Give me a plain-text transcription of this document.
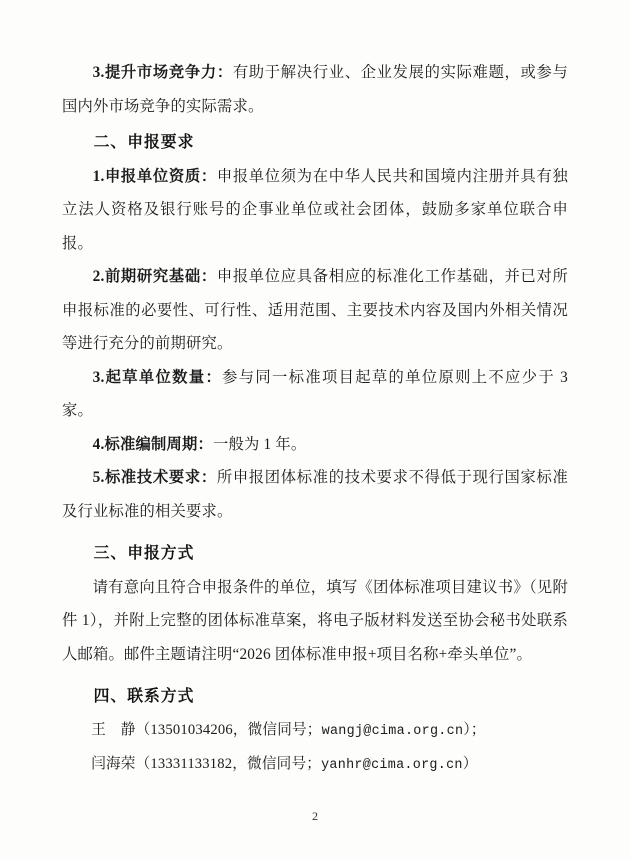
3.提升市场竞争力：有助于解决行业、企业发展的实际难题，或参与国内外市场竞争的实际需求。

二、申报要求

1.申报单位资质：申报单位须为在中华人民共和国境内注册并具有独立法人资格及银行账号的企事业单位或社会团体，鼓励多家单位联合申报。

2.前期研究基础：申报单位应具备相应的标准化工作基础，并已对所申报标准的必要性、可行性、适用范围、主要技术内容及国内外相关情况等进行充分的前期研究。

3.起草单位数量：参与同一标准项目起草的单位原则上不应少于 3 家。

4.标准编制周期：一般为 1 年。

5.标准技术要求：所申报团体标准的技术要求不得低于现行国家标准及行业标准的相关要求。

三、申报方式

请有意向且符合申报条件的单位，填写《团体标准项目建议书》（见附件 1），并附上完整的团体标准草案，将电子版材料发送至协会秘书处联系人邮箱。邮件主题请注明“2026 团体标准申报+项目名称+牵头单位”。

四、联系方式

王　静（13501034206，微信同号；wangj@cima.org.cn）；

闫海荣（13331133182，微信同号；yanhr@cima.org.cn）

2
